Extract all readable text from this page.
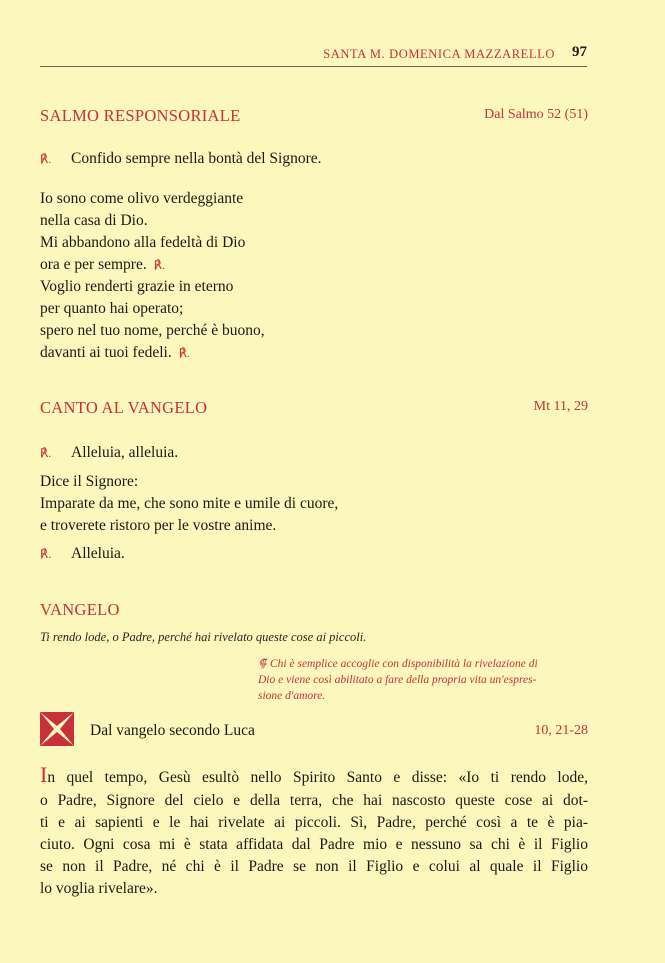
SANTA M. DOMENICA MAZZARELLO 97
SALMO RESPONSORIALE	Dal Salmo 52 (51)
℟. Confido sempre nella bontà del Signore.
Io sono come olivo verdeggiante
nella casa di Dio.
Mi abbandono alla fedeltà di Dio
ora e per sempre. ℟.
Voglio renderti grazie in eterno
per quanto hai operato;
spero nel tuo nome, perché è buono,
davanti ai tuoi fedeli. ℟.
CANTO AL VANGELO	Mt 11, 29
℟. Alleluia, alleluia.
Dice il Signore:
Imparate da me, che sono mite e umile di cuore,
e troverete ristoro per le vostre anime.
℟. Alleluia.
VANGELO
Ti rendo lode, o Padre, perché hai rivelato queste cose ai piccoli.
⸿ Chi è semplice accoglie con disponibilità la rivelazione di
Dio e viene così abilitato a fare della propria vita un'espres-
sione d'amore.
Dal vangelo secondo Luca	10, 21-28
In quel tempo, Gesù esultò nello Spirito Santo e disse: «Io ti rendo lode,
o Padre, Signore del cielo e della terra, che hai nascosto queste cose ai dot-
ti e ai sapienti e le hai rivelate ai piccoli. Sì, Padre, perché così a te è pia-
ciuto. Ogni cosa mi è stata affidata dal Padre mio e nessuno sa chi è il Figlio
se non il Padre, né chi è il Padre se non il Figlio e colui al quale il Figlio
lo voglia rivelare».
